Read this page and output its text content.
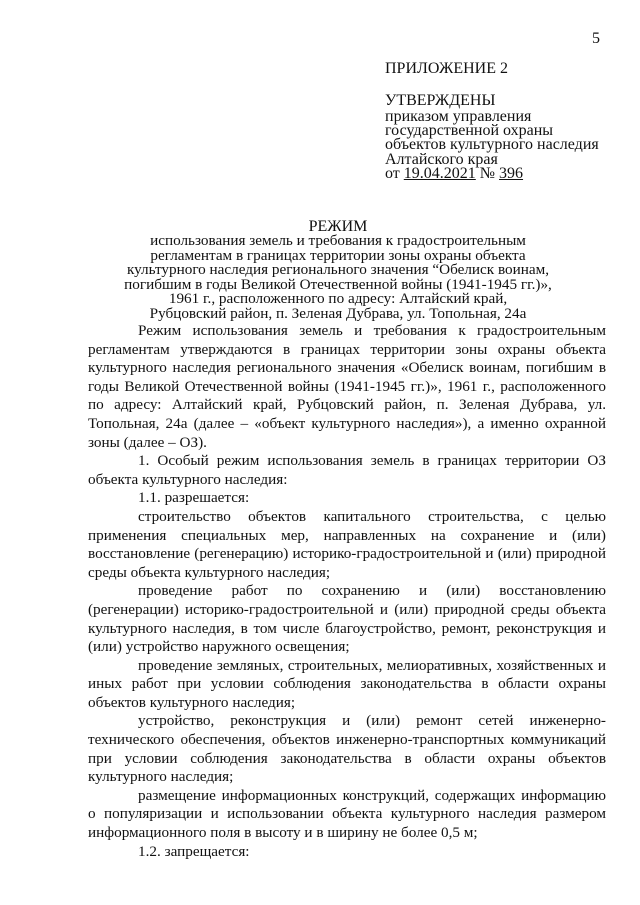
5
ПРИЛОЖЕНИЕ 2
УТВЕРЖДЕНЫ
приказом управления
государственной охраны
объектов культурного наследия
Алтайского края
от 19.04.2021 № 396
РЕЖИМ
использования земель и требования к градостроительным
регламентам в границах территории зоны охраны объекта
культурного наследия регионального значения “Обелиск воинам,
погибшим в годы Великой Отечественной войны (1941-1945 гг.)»,
1961 г., расположенного по адресу: Алтайский край,
Рубцовский район, п. Зеленая Дубрава, ул. Топольная, 24а

Режим использования земель и требования к градостроительным регламентам утверждаются в границах территории зоны охраны объекта культурного наследия регионального значения «Обелиск воинам, погибшим в годы Великой Отечественной войны (1941-1945 гг.)», 1961 г., расположенного по адресу: Алтайский край, Рубцовский район, п. Зеленая Дубрава, ул. Топольная, 24а (далее – «объект культурного наследия»), а именно охранной зоны (далее – ОЗ).

1. Особый режим использования земель в границах территории ОЗ объекта культурного наследия:

1.1. разрешается:

строительство объектов капитального строительства, с целью применения специальных мер, направленных на сохранение и (или) восстановление (регенерацию) историко-градостроительной и (или) природной среды объекта культурного наследия;

проведение работ по сохранению и (или) восстановлению (регенерации) историко-градостроительной и (или) природной среды объекта культурного наследия, в том числе благоустройство, ремонт, реконструкция и (или) устройство наружного освещения;

проведение земляных, строительных, мелиоративных, хозяйственных и иных работ при условии соблюдения законодательства в области охраны объектов культурного наследия;

устройство, реконструкция и (или) ремонт сетей инженерно-технического обеспечения, объектов инженерно-транспортных коммуникаций при условии соблюдения законодательства в области охраны объектов культурного наследия;

размещение информационных конструкций, содержащих информацию о популяризации и использовании объекта культурного наследия размером информационного поля в высоту и в ширину не более 0,5 м;

1.2. запрещается:
